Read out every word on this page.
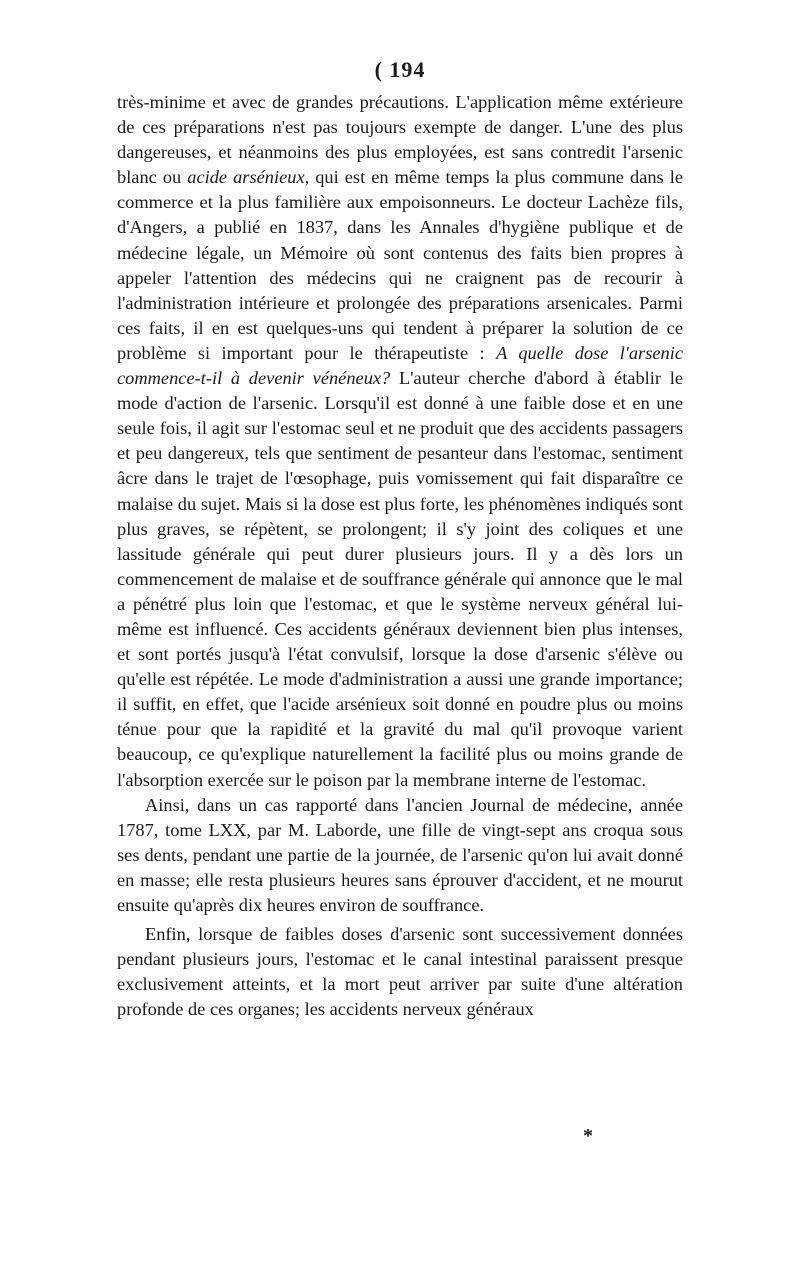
( 194

très-minime et avec de grandes précautions. L'application même extérieure de ces préparations n'est pas toujours exempte de danger. L'une des plus dangereuses, et néanmoins des plus employées, est sans contredit l'arsenic blanc ou acide arsénieux, qui est en même temps la plus commune dans le commerce et la plus familière aux empoisonneurs. Le docteur Lachèze fils, d'Angers, a publié en 1837, dans les Annales d'hygiène publique et de médecine légale, un Mémoire où sont contenus des faits bien propres à appeler l'attention des médecins qui ne craignent pas de recourir à l'administration intérieure et prolongée des préparations arsenicales. Parmi ces faits, il en est quelques-uns qui tendent à préparer la solution de ce problème si important pour le thérapeutiste : A quelle dose l'arsenic commence-t-il à devenir vénéneux? L'auteur cherche d'abord à établir le mode d'action de l'arsenic. Lorsqu'il est donné à une faible dose et en une seule fois, il agit sur l'estomac seul et ne produit que des accidents passagers et peu dangereux, tels que sentiment de pesanteur dans l'estomac, sentiment âcre dans le trajet de l'œsophage, puis vomissement qui fait disparaître ce malaise du sujet. Mais si la dose est plus forte, les phénomènes indiqués sont plus graves, se répètent, se prolongent; il s'y joint des coliques et une lassitude générale qui peut durer plusieurs jours. Il y a dès lors un commencement de malaise et de souffrance générale qui annonce que le mal a pénétré plus loin que l'estomac, et que le système nerveux général lui-même est influencé. Ces accidents généraux deviennent bien plus intenses, et sont portés jusqu'à l'état convulsif, lorsque la dose d'arsenic s'élève ou qu'elle est répétée. Le mode d'administration a aussi une grande importance; il suffit, en effet, que l'acide arsénieux soit donné en poudre plus ou moins ténue pour que la rapidité et la gravité du mal qu'il provoque varient beaucoup, ce qu'explique naturellement la facilité plus ou moins grande de l'absorption exercée sur le poison par la membrane interne de l'estomac.

Ainsi, dans un cas rapporté dans l'ancien Journal de médecine, année 1787, tome LXX, par M. Laborde, une fille de vingt-sept ans croqua sous ses dents, pendant une partie de la journée, de l'arsenic qu'on lui avait donné en masse; elle resta plusieurs heures sans éprouver d'accident, et ne mourut ensuite qu'après dix heures environ de souffrance.

Enfin, lorsque de faibles doses d'arsenic sont successivement données pendant plusieurs jours, l'estomac et le canal intestinal paraissent presque exclusivement atteints, et la mort peut arriver par suite d'une altération profonde de ces organes; les accidents nerveux généraux

*
